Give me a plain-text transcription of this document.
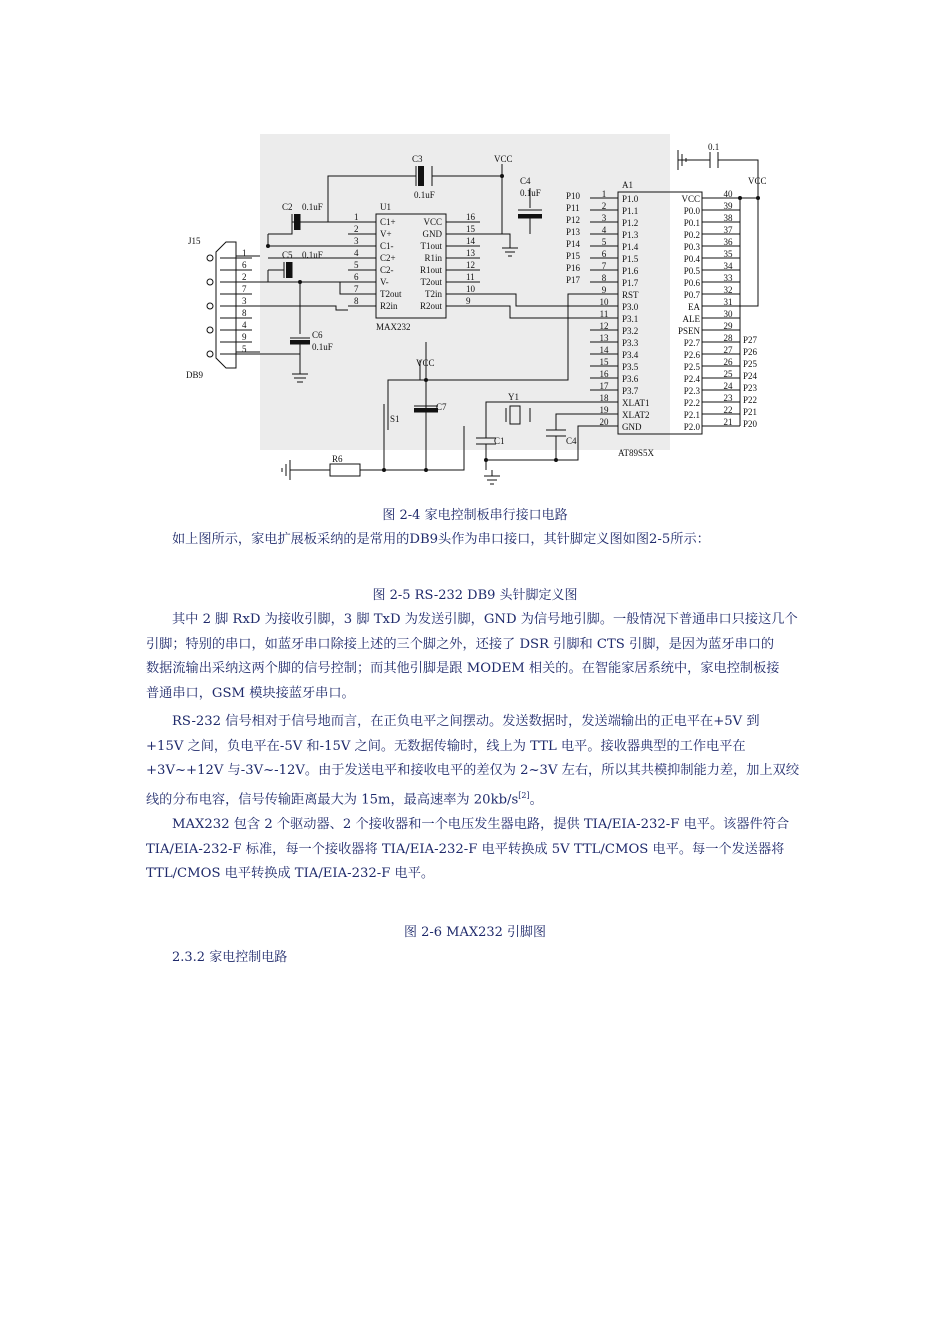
J15
DB9
U1
MAX232
A1
AT89S5X
VCC
VCC
VCC
C3
0.1uF
C4
0.1uF
C2 0.1uF
C5 0.1uF
C6
0.1uF
C7
S1
R6
Y1
C1	C4
0.1
1
6
2
7
3
8
4
9
5
1 C1+
2 V+
3 C1-
4 C2+
5 C2-
6 V-
7 T2out
8 R2in
VCC	16
GND	15
T1out	14
R1in	13
R1out	12
T2out	11
T2in	10
R2out	9
P10 1 P1.0
P11 2 P1.1
P12 3 P1.2
P13 4 P1.3
P14 5 P1.4
P15 6 P1.5
P16 7 P1.6
P17 8 P1.7
9 RST
10 P3.0
11 P3.1
12 P3.2
13 P3.3
14 P3.4
15 P3.5
16 P3.6
17 P3.7
18 XLAT1
19 XLAT2
20 GND
VCC	40
P0.0	39
P0.1	38
P0.2	37
P0.3	36
P0.4	35
P0.5	34
P0.6	33
P0.7	32
EA	31
ALE	30
PSEN	29
P2.7	28 P27
P2.6	27 P26
P2.5	26 P25
P2.4	25 P24
P2.3	24 P23
P2.2	23 P22
P2.1	22 P21
P2.0	21 P20
图 2-4 家电控制板串行接口电路

如上图所示，家电扩展板采纳的是常用的DB9头作为串口接口，其针脚定义图如图2-5所示：

图 2-5 RS-232 DB9 头针脚定义图
其中 2 脚 RxD 为接收引脚，3 脚 TxD 为发送引脚，GND 为信号地引脚。一般情况下普通串口只接这几个
引脚；特别的串口，如蓝牙串口除接上述的三个脚之外，还接了 DSR 引脚和 CTS 引脚，是因为蓝牙串口的
数据流输出采纳这两个脚的信号控制；而其他引脚是跟 MODEM 相关的。在智能家居系统中，家电控制板接
普通串口，GSM 模块接蓝牙串口。
RS-232 信号相对于信号地而言，在正负电平之间摆动。发送数据时，发送端输出的正电平在+5V 到
+15V 之间，负电平在-5V 和-15V 之间。无数据传输时，线上为 TTL 电平。接收器典型的工作电平在
+3V~+12V 与-3V~-12V。由于发送电平和接收电平的差仅为 2~3V 左右，所以其共模抑制能力差，加上双绞
线的分布电容，信号传输距离最大为 15m，最高速率为 20kb/s[2]。
MAX232 包含 2 个驱动器、2 个接收器和一个电压发生器电路，提供 TIA/EIA-232-F 电平。该器件符合
TIA/EIA-232-F 标准，每一个接收器将 TIA/EIA-232-F 电平转换成 5V TTL/CMOS 电平。每一个发送器将
TTL/CMOS 电平转换成 TIA/EIA-232-F 电平。
图 2-6 MAX232 引脚图
2.3.2 家电控制电路
